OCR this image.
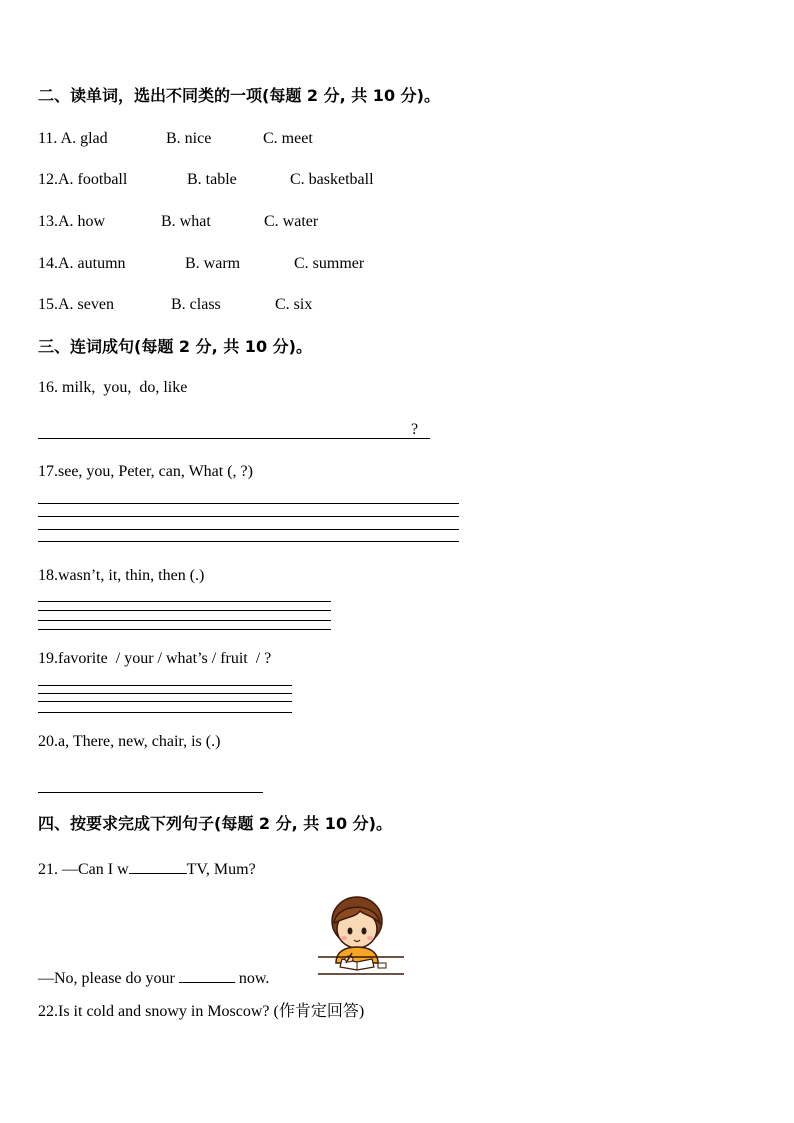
二、读单词，选出不同类的一项(每题 2 分, 共 10 分)。
11. A. glad	B. nice	C. meet
12.A. football	B. table	C. basketball
13.A. how	B. what	C. water
14.A. autumn	B. warm	C. summer
15.A. seven	B. class	C. six
三、连词成句(每题 2 分, 共 10 分)。
16. milk,  you,  do, like
?
17.see, you, Peter, can, What (, ?)
18.wasn’t, it, thin, then (.)
19.favorite  / your / what’s / fruit  / ?
20.a, There, new, chair, is (.)
四、按要求完成下列句子(每题 2 分, 共 10 分)。
21. —Can I w	TV, Mum?
—No, please do your	now.
22.Is it cold and snowy in Moscow? (作肯定回答)
